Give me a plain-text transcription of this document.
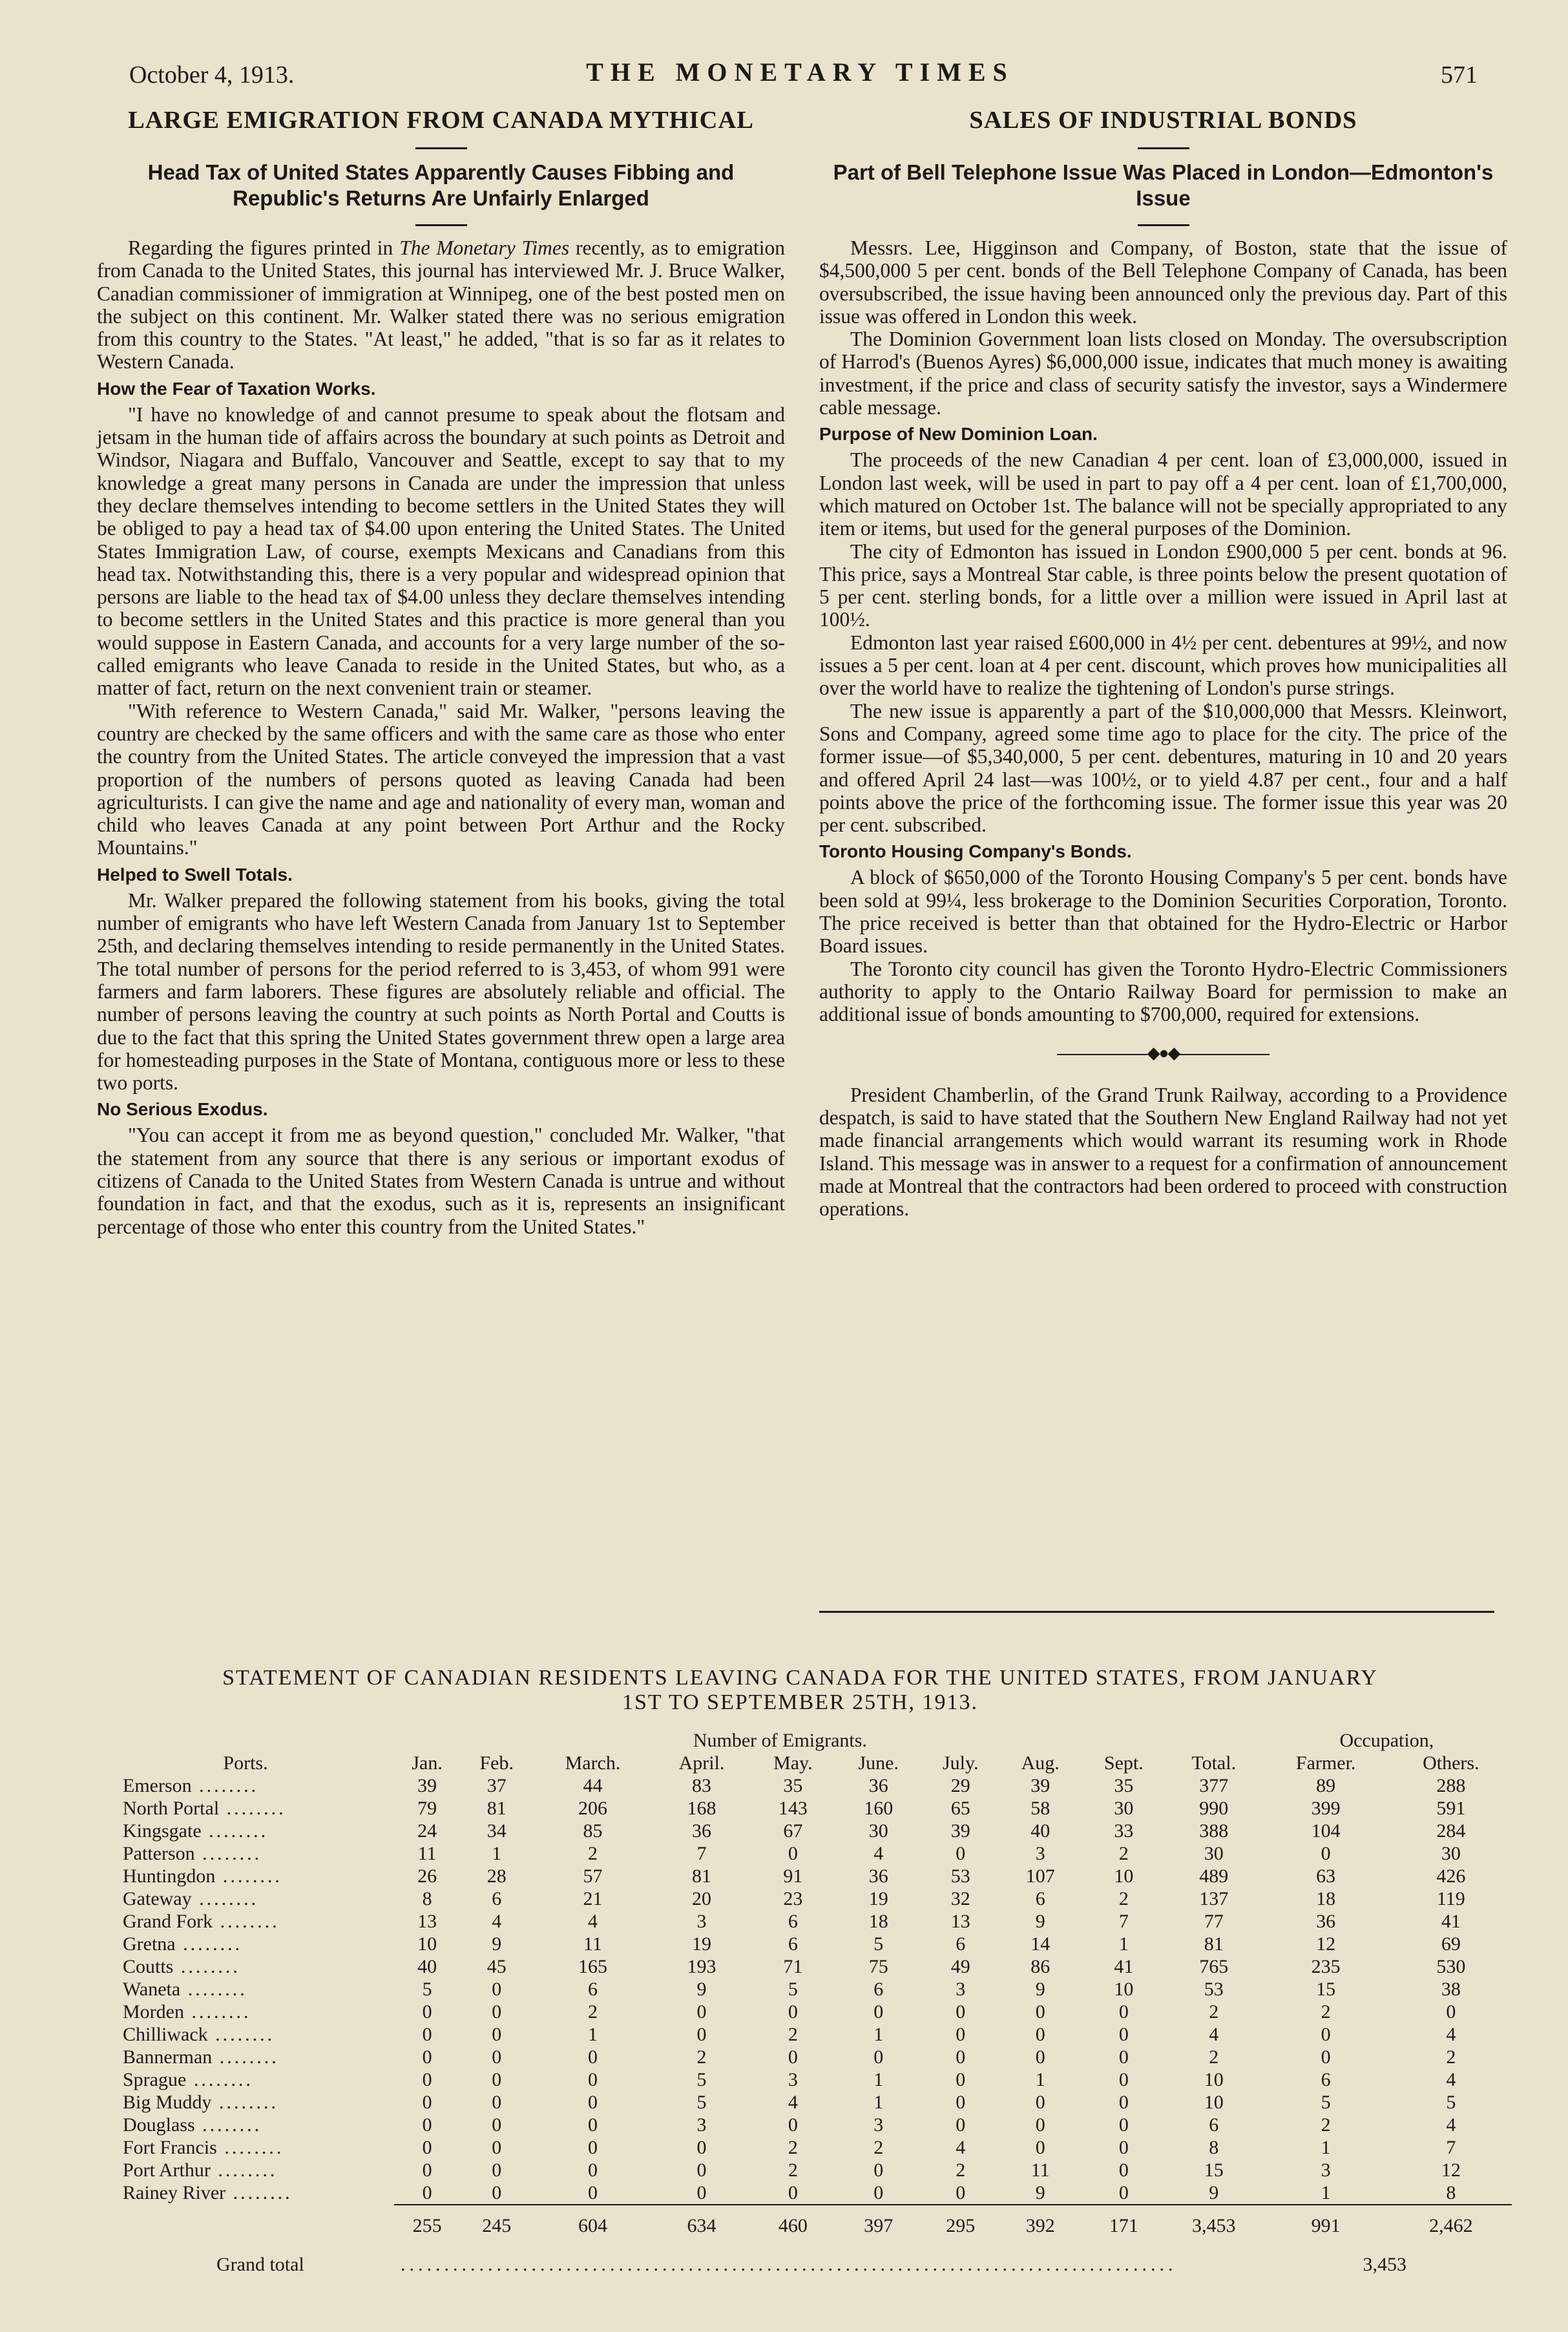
October 4, 1913.	THE MONETARY TIMES	571
LARGE EMIGRATION FROM CANADA MYTHICAL
Head Tax of United States Apparently Causes Fibbing and Republic's Returns Are Unfairly Enlarged

Regarding the figures printed in The Monetary Times recently, as to emigration from Canada to the United States, this journal has interviewed Mr. J. Bruce Walker, Canadian commissioner of immigration at Winnipeg, one of the best posted men on the subject on this continent. Mr. Walker stated there was no serious emigration from this country to the States. "At least," he added, "that is so far as it relates to Western Canada.

How the Fear of Taxation Works.

"I have no knowledge of and cannot presume to speak about the flotsam and jetsam in the human tide of affairs across the boundary at such points as Detroit and Windsor, Niagara and Buffalo, Vancouver and Seattle, except to say that to my knowledge a great many persons in Canada are under the impression that unless they declare themselves intending to become settlers in the United States they will be obliged to pay a head tax of $4.00 upon entering the United States. The United States Immigration Law, of course, exempts Mexicans and Canadians from this head tax. Notwithstanding this, there is a very popular and widespread opinion that persons are liable to the head tax of $4.00 unless they declare themselves intending to become settlers in the United States and this practice is more general than you would suppose in Eastern Canada, and accounts for a very large number of the so-called emigrants who leave Canada to reside in the United States, but who, as a matter of fact, return on the next convenient train or steamer.

"With reference to Western Canada," said Mr. Walker, "persons leaving the country are checked by the same officers and with the same care as those who enter the country from the United States. The article conveyed the impression that a vast proportion of the numbers of persons quoted as leaving Canada had been agriculturists. I can give the name and age and nationality of every man, woman and child who leaves Canada at any point between Port Arthur and the Rocky Mountains."

Helped to Swell Totals.

Mr. Walker prepared the following statement from his books, giving the total number of emigrants who have left Western Canada from January 1st to September 25th, and declaring themselves intending to reside permanently in the United States. The total number of persons for the period referred to is 3,453, of whom 991 were farmers and farm laborers. These figures are absolutely reliable and official. The number of persons leaving the country at such points as North Portal and Coutts is due to the fact that this spring the United States government threw open a large area for homesteading purposes in the State of Montana, contiguous more or less to these two ports.

No Serious Exodus.

"You can accept it from me as beyond question," concluded Mr. Walker, "that the statement from any source that there is any serious or important exodus of citizens of Canada to the United States from Western Canada is untrue and without foundation in fact, and that the exodus, such as it is, represents an insignificant percentage of those who enter this country from the United States."

SALES OF INDUSTRIAL BONDS
Part of Bell Telephone Issue Was Placed in London—Edmonton's Issue

Messrs. Lee, Higginson and Company, of Boston, state that the issue of $4,500,000 5 per cent. bonds of the Bell Telephone Company of Canada, has been oversubscribed, the issue having been announced only the previous day. Part of this issue was offered in London this week.

The Dominion Government loan lists closed on Monday. The oversubscription of Harrod's (Buenos Ayres) $6,000,000 issue, indicates that much money is awaiting investment, if the price and class of security satisfy the investor, says a Windermere cable message.

Purpose of New Dominion Loan.

The proceeds of the new Canadian 4 per cent. loan of £3,000,000, issued in London last week, will be used in part to pay off a 4 per cent. loan of £1,700,000, which matured on October 1st. The balance will not be specially appropriated to any item or items, but used for the general purposes of the Dominion.

The city of Edmonton has issued in London £900,000 5 per cent. bonds at 96. This price, says a Montreal Star cable, is three points below the present quotation of 5 per cent. sterling bonds, for a little over a million were issued in April last at 100½.

Edmonton last year raised £600,000 in 4½ per cent. debentures at 99½, and now issues a 5 per cent. loan at 4 per cent. discount, which proves how municipalities all over the world have to realize the tightening of London's purse strings.

The new issue is apparently a part of the $10,000,000 that Messrs. Kleinwort, Sons and Company, agreed some time ago to place for the city. The price of the former issue—of $5,340,000, 5 per cent. debentures, maturing in 10 and 20 years and offered April 24 last—was 100½, or to yield 4.87 per cent., four and a half points above the price of the forthcoming issue. The former issue this year was 20 per cent. subscribed.

Toronto Housing Company's Bonds.

A block of $650,000 of the Toronto Housing Company's 5 per cent. bonds have been sold at 99¼, less brokerage to the Dominion Securities Corporation, Toronto. The price received is better than that obtained for the Hydro-Electric or Harbor Board issues.

The Toronto city council has given the Toronto Hydro-Electric Commissioners authority to apply to the Ontario Railway Board for permission to make an additional issue of bonds amounting to $700,000, required for extensions.

◆●◆

President Chamberlin, of the Grand Trunk Railway, according to a Providence despatch, is said to have stated that the Southern New England Railway had not yet made financial arrangements which would warrant its resuming work in Rhode Island. This message was in answer to a request for a confirmation of announcement made at Montreal that the contractors had been ordered to proceed with construction operations.

STATEMENT OF CANADIAN RESIDENTS LEAVING CANADA FOR THE UNITED STATES, FROM JANUARY
1ST TO SEPTEMBER 25TH, 1913.
	Number of Emigrants.										Occupation,	
Ports.	Jan.	Feb.	March.	April.	May.	June.	July.	Aug.	Sept.	Total.	Farmer.	Others.
Emerson ........	39	37	44	83	35	36	29	39	35	377	89	288
North Portal ........	79	81	206	168	143	160	65	58	30	990	399	591
Kingsgate ........	24	34	85	36	67	30	39	40	33	388	104	284
Patterson ........	11	1	2	7	0	4	0	3	2	30	0	30
Huntingdon ........	26	28	57	81	91	36	53	107	10	489	63	426
Gateway ........	8	6	21	20	23	19	32	6	2	137	18	119
Grand Fork ........	13	4	4	3	6	18	13	9	7	77	36	41
Gretna ........	10	9	11	19	6	5	6	14	1	81	12	69
Coutts ........	40	45	165	193	71	75	49	86	41	765	235	530
Waneta ........	5	0	6	9	5	6	3	9	10	53	15	38
Morden ........	0	0	2	0	0	0	0	0	0	2	2	0
Chilliwack ........	0	0	1	0	2	1	0	0	0	4	0	4
Bannerman ........	0	0	0	2	0	0	0	0	0	2	0	2
Sprague ........	0	0	0	5	3	1	0	1	0	10	6	4
Big Muddy ........	0	0	0	5	4	1	0	0	0	10	5	5
Douglass ........	0	0	0	3	0	3	0	0	0	6	2	4
Fort Francis ........	0	0	0	0	2	2	4	0	0	8	1	7
Port Arthur ........	0	0	0	0	2	0	2	11	0	15	3	12
Rainey River ........	0	0	0	0	0	0	0	9	0	9	1	8
	255	245	604	634	460	397	295	392	171	3,453	991	2,462
Grand total	.........................................................................................	3,453
